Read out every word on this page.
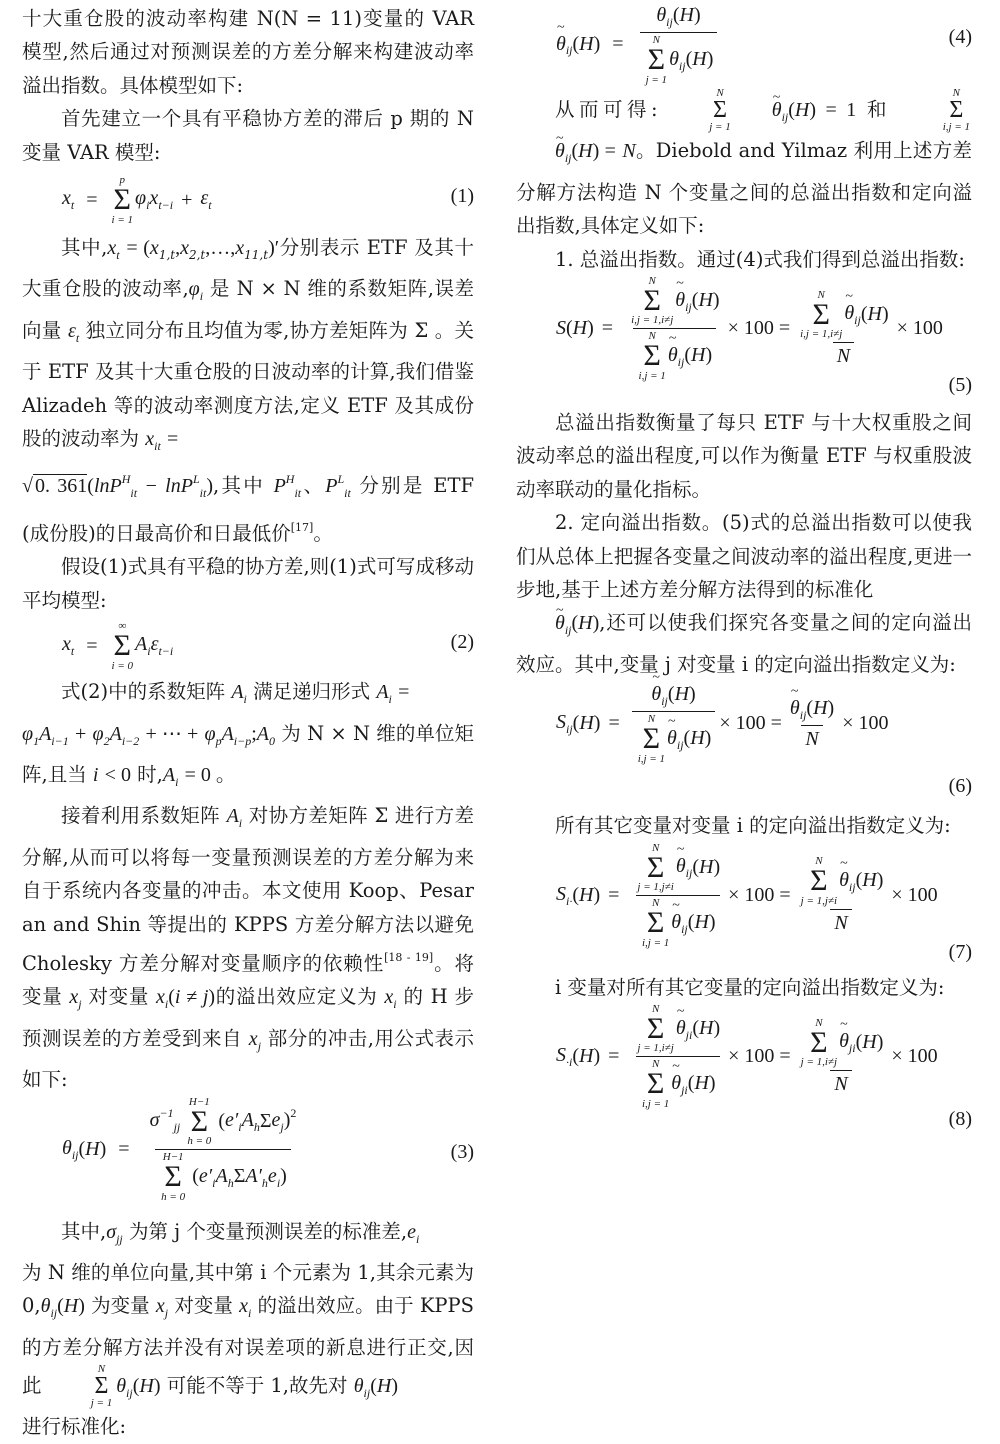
十大重仓股的波动率构建 N(N = 11)变量的 VAR 模型,然后通过对预测误差的方差分解来构建波动率溢出指数。具体模型如下:

首先建立一个具有平稳协方差的滞后 p 期的 N 变量 VAR 模型:

$x_t$ =
p
Σ
i = 1
$\varphi_ix_{t-i} + \varepsilon_t$	(1)

其中$,x_t$ = $(x_{1,t},x_{2,t},\dots,x_{11,t})'$分别表示 ETF 及其十大重仓股的波动率$,\varphi_i$ 是 N × N 维的系数矩阵,误差向量 $\varepsilon_t$ 独立同分布且均值为零,协方差矩阵为 Σ 。关于 ETF 及其十大重仓股的日波动率的计算,我们借鉴 Alizadeh 等的波动率测度方法,定义 ETF 及其成份股的波动率为 $x_{it}$ =
√ 0. 361(lnP$^H_{it}$ − lnP$^L_{it}$),其中 $P^H_{it}$、$P^L_{it}$ 分别是 ETF (成份股)的日最高价和日最低价[17]。

假设(1)式具有平稳的协方差,则(1)式可写成移动平均模型:

$x_t$ =
∞
Σ
i = 0
$A_i\varepsilon_{t-i}$	(2)

式(2)中的系数矩阵 $A_i$ 满足递归形式 $A_i$ =
$\varphi_1A_{i-1} + \varphi_2A_{i-2}$ + ⋯ + $\varphi_pA_{i-p};A_0$ 为 N × N 维的单位矩阵,且当 i < 0 时$,A_i = 0$ 。

接着利用系数矩阵 $A_i$ 对协方差矩阵 Σ 进行方差分解,从而可以将每一变量预测误差的方差分解为来自于系统内各变量的冲击。本文使用 Koop、Pesaran and Shin 等提出的 KPPS 方差分解方法以避免 Cholesky 方差分解对变量顺序的依赖性[18 - 19]。将变量 $x_j$ 对变量 $x_i(i \ne j)$的溢出效应定义为 $x_i$ 的 H 步预测误差的方差受到来自 $x_j$ 部分的冲击,用公式表示如下:

$\theta_{ij}$ ( H ) = $\sigma^{-1}_{jj}$
H−1
Σ
h = 0
$(e'_iA_h\Sigma e_j)^2$
H−1
Σ
h = 0
$(e'_iA_h\Sigma A'_he_i)$	(3)

其中$,\sigma_{jj}$ 为第 j 个变量预测误差的标准差$,e_i$
为 N 维的单位向量,其中第 i 个元素为 1,其余元素为 $0,\theta_{ij}(H)$ 为变量 $x_j$ 对变量 $x_i$ 的溢出效应。由于 KPPS 的方差分解方法并没有对误差项的新息进行正交,因此
N
Σ
j = 1
$\theta_{ij}(H)$ 可能不等于 1,故先对 $\theta_{ij}(H)$
进行标准化:

~ θ $_{ij}$ ( H ) = $\theta_{ij}(H)$
N
Σ
j = 1
$\theta_{ij}(H)$	(4)

从而可得:
N
Σ
j = 1
~ $\theta_{ij}(H) = 1$ 和
N
Σ
i,j = 1
~ $\theta_{ij}(H) = N$。Diebold and Yilmaz 利用上述方差分解方法构造 N 个变量之间的总溢出指数和定向溢出指数,具体定义如下:

1. 总溢出指数。通过(4)式我们得到总溢出指数:

S ( H ) = N
Σ
i,j = 1,i≠j
~ $\theta_{ij}(H)$
N
Σ
i,j = 1
~ $\theta_{ij}(H) \times 100 = N$
Σ
i,j = 1,i≠j
~ $\theta_{ij}(H)$
N × 100
(5)

总溢出指数衡量了每只 ETF 与十大权重股之间波动率总的溢出程度,可以作为衡量 ETF 与权重股波动率联动的量化指标。

2. 定向溢出指数。(5)式的总溢出指数可以使我们从总体上把握各变量之间波动率的溢出程度,更进一步地,基于上述方差分解方法得到的标准化
~ $\theta_{ij}(H)$,还可以使我们探究各变量之间的定向溢出效应。其中,变量 j 对变量 i 的定向溢出指数定义为:

$S_{ij}$ ( H ) = ~ $\theta_{ij}(H)$
N
Σ
i,j = 1
~ $\theta_{ij}(H) \times 100$ = ~ $\frac{\theta_{ij}(H)}{N} \times 100$
(6)

所有其它变量对变量 i 的定向溢出指数定义为:

$S_{i\cdot}$ ( H ) = N
Σ
j = 1,j≠i
~ $\theta_{ij}(H)$
N
Σ
i,j = 1
~ $\theta_{ij}(H) \times 100 = N$
Σ
j = 1,j≠i
~ $\theta_{ij}(H)$
N × 100
(7)

i 变量对所有其它变量的定向溢出指数定义为:

$S_{\cdot i}$ ( H ) = N
Σ
j = 1,i≠j
~ $\theta_{ji}(H)$
N
Σ
i,j = 1
~ $\theta_{ji}(H) \times 100 = N$
Σ
j = 1,i≠j
~ $\theta_{ji}(H)$
N × 100
(8)
